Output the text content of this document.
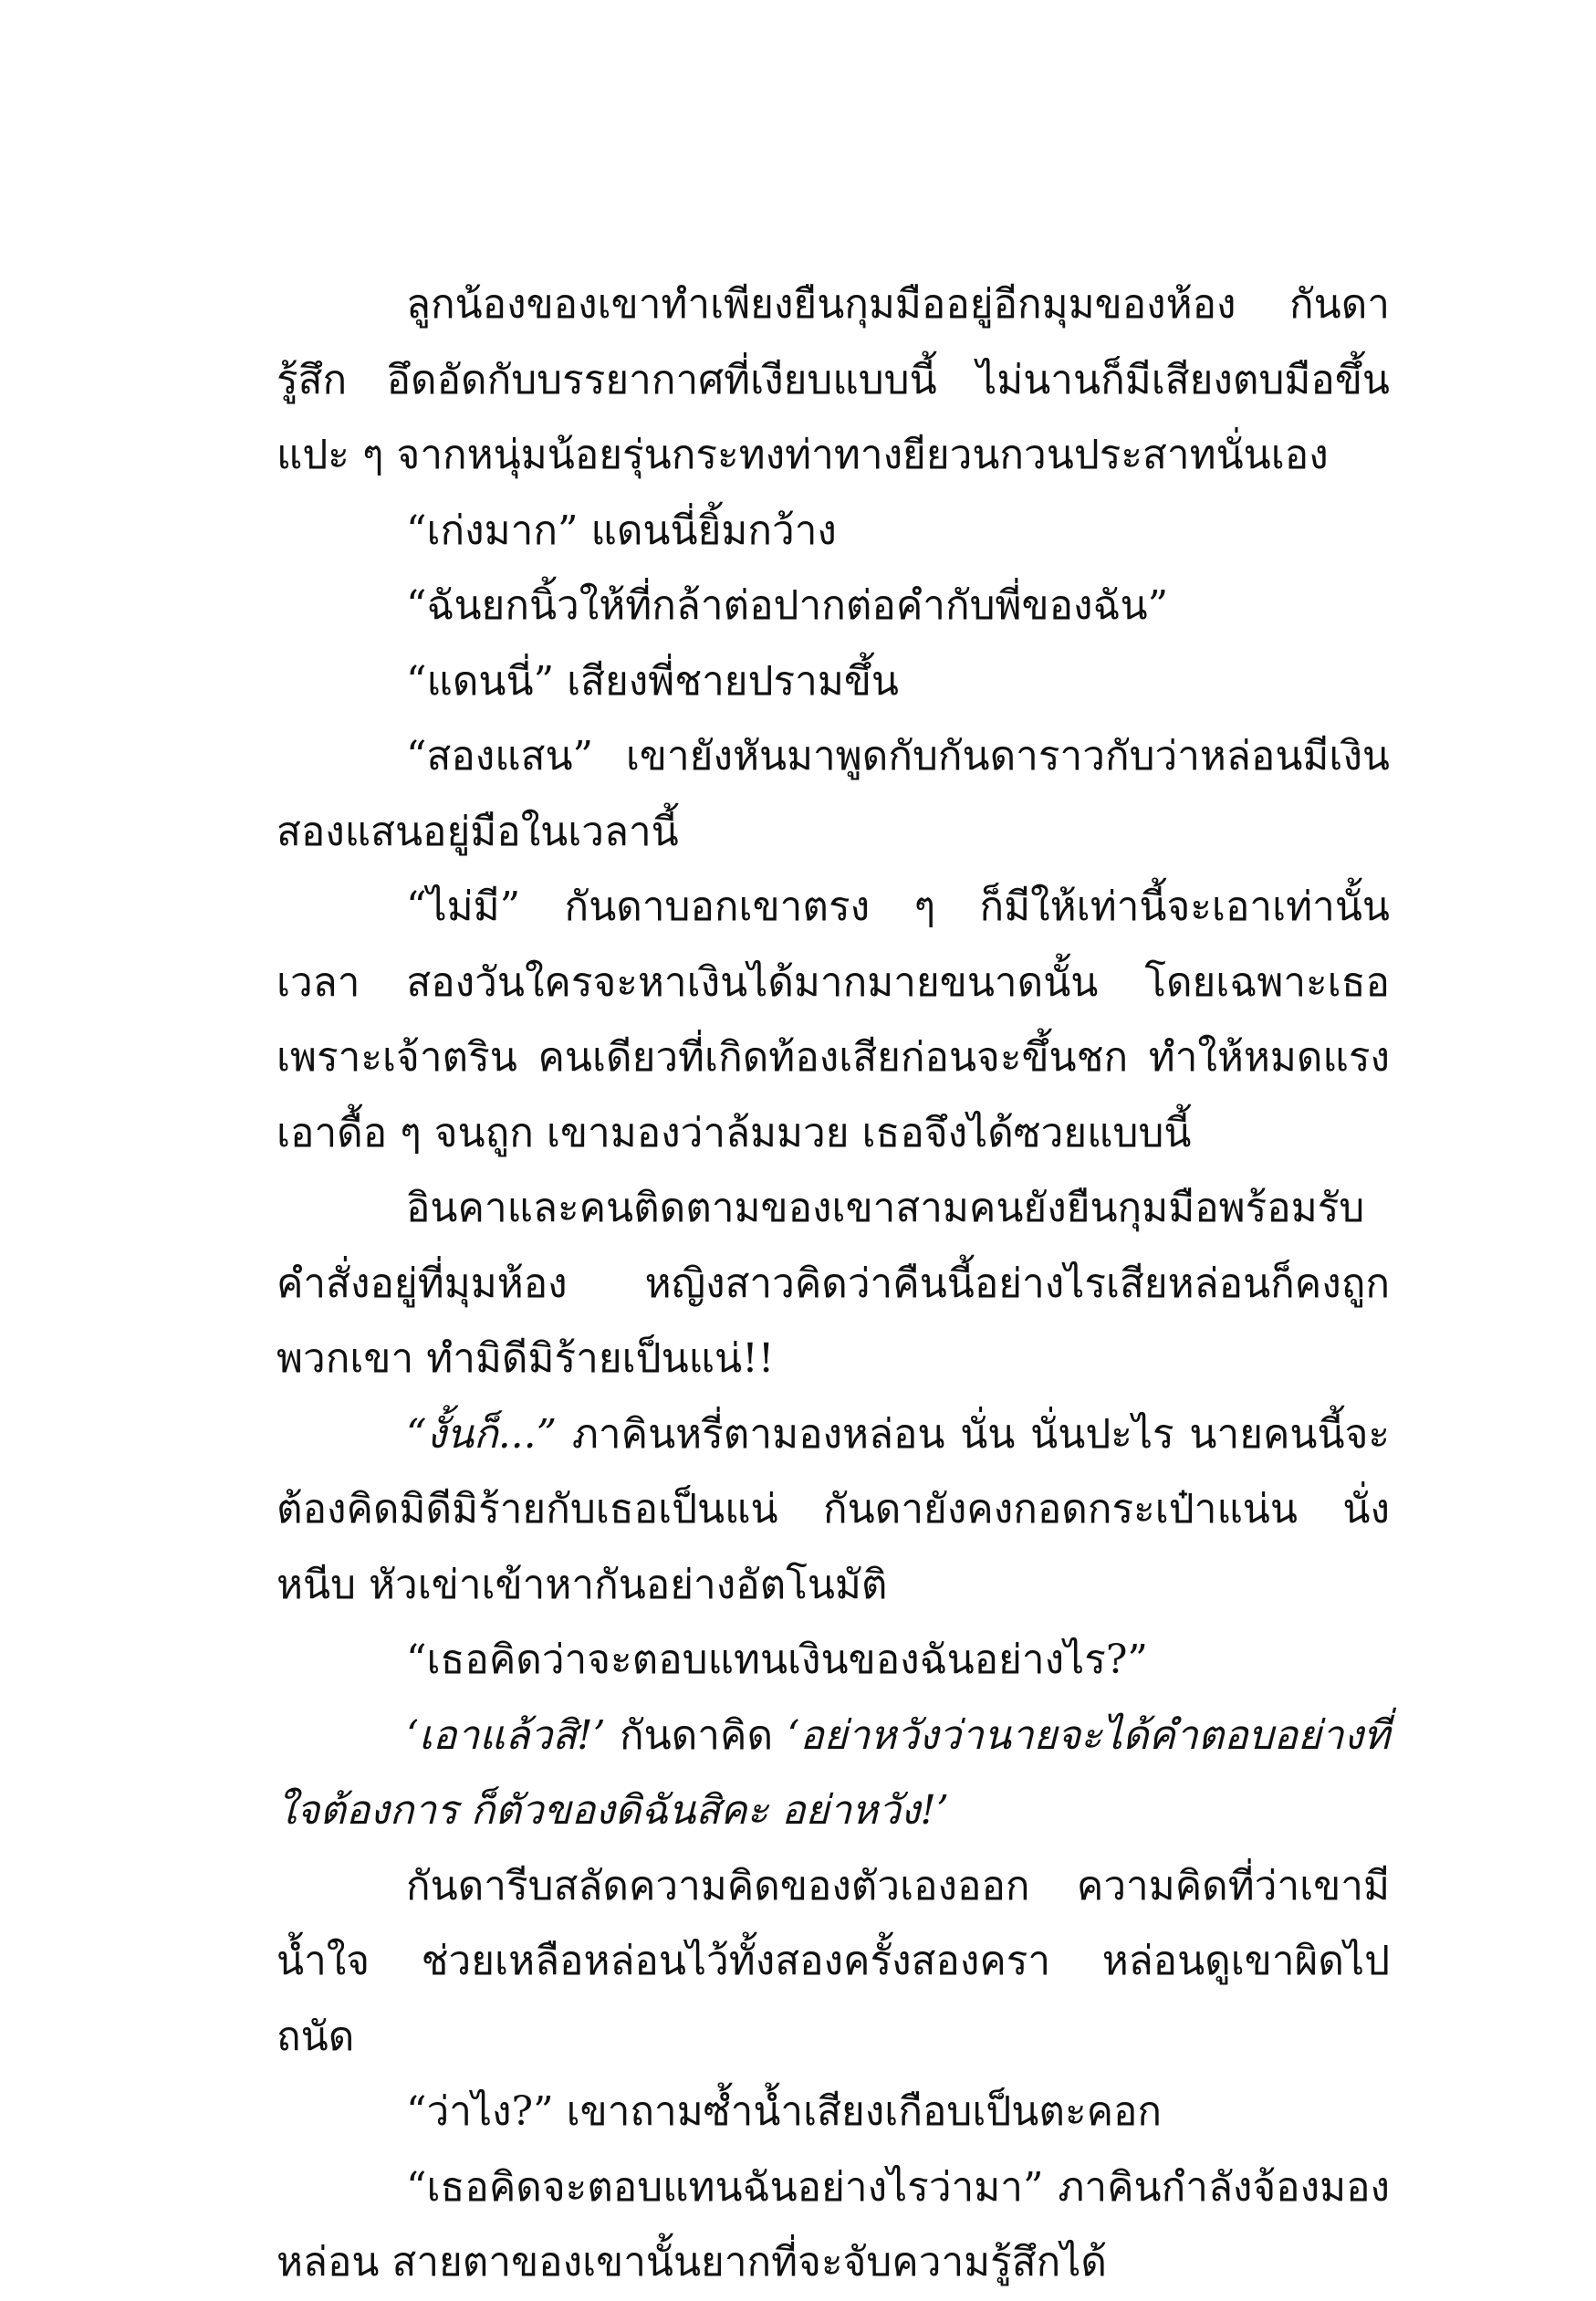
ลูกน้องของเขาทำเพียงยืนกุมมืออยู่อีกมุมของห้อง กันดารู้สึก อึดอัดกับบรรยากาศที่เงียบแบบนี้ ไม่นานก็มีเสียงตบมือขึ้น แปะ ๆ จากหนุ่มน้อยรุ่นกระทงท่าทางยียวนกวนประสาทนั่นเอง

“เก่งมาก” แดนนี่ยิ้มกว้าง

“ฉันยกนิ้วให้ที่กล้าต่อปากต่อคำกับพี่ของฉัน”

“แดนนี่” เสียงพี่ชายปรามขึ้น

“สองแสน” เขายังหันมาพูดกับกันดาราวกับว่าหล่อนมีเงิน สองแสนอยู่มือในเวลานี้

“ไม่มี” กันดาบอกเขาตรง ๆ ก็มีให้เท่านี้จะเอาเท่านั้น เวลา สองวันใครจะหาเงินได้มากมายขนาดนั้น โดยเฉพาะเธอ เพราะเจ้าตริน คนเดียวที่เกิดท้องเสียก่อนจะขึ้นชก ทำให้หมดแรงเอาดื้อ ๆ จนถูก เขามองว่าล้มมวย เธอจึงได้ซวยแบบนี้

อินคาและคนติดตามของเขาสามคนยังยืนกุมมือพร้อมรับ คำสั่งอยู่ที่มุมห้อง หญิงสาวคิดว่าคืนนี้อย่างไรเสียหล่อนก็คงถูกพวกเขา ทำมิดีมิร้ายเป็นแน่!!

“งั้นก็...” ภาคินหรี่ตามองหล่อน นั่น นั่นปะไร นายคนนี้จะ ต้องคิดมิดีมิร้ายกับเธอเป็นแน่ กันดายังคงกอดกระเป๋าแน่น นั่งหนีบ หัวเข่าเข้าหากันอย่างอัตโนมัติ

“เธอคิดว่าจะตอบแทนเงินของฉันอย่างไร?”

‘เอาแล้วสิ!’ กันดาคิด ‘อย่าหวังว่านายจะได้คำตอบอย่างที่ ใจต้องการ ก็ตัวของดิฉันสิคะ อย่าหวัง!’

กันดารีบสลัดความคิดของตัวเองออก ความคิดที่ว่าเขามีน้ำใจ ช่วยเหลือหล่อนไว้ทั้งสองครั้งสองครา หล่อนดูเขาผิดไปถนัด

“ว่าไง?” เขาถามซ้ำน้ำเสียงเกือบเป็นตะคอก

“เธอคิดจะตอบแทนฉันอย่างไรว่ามา” ภาคินกำลังจ้องมอง หล่อน สายตาของเขานั้นยากที่จะจับความรู้สึกได้
